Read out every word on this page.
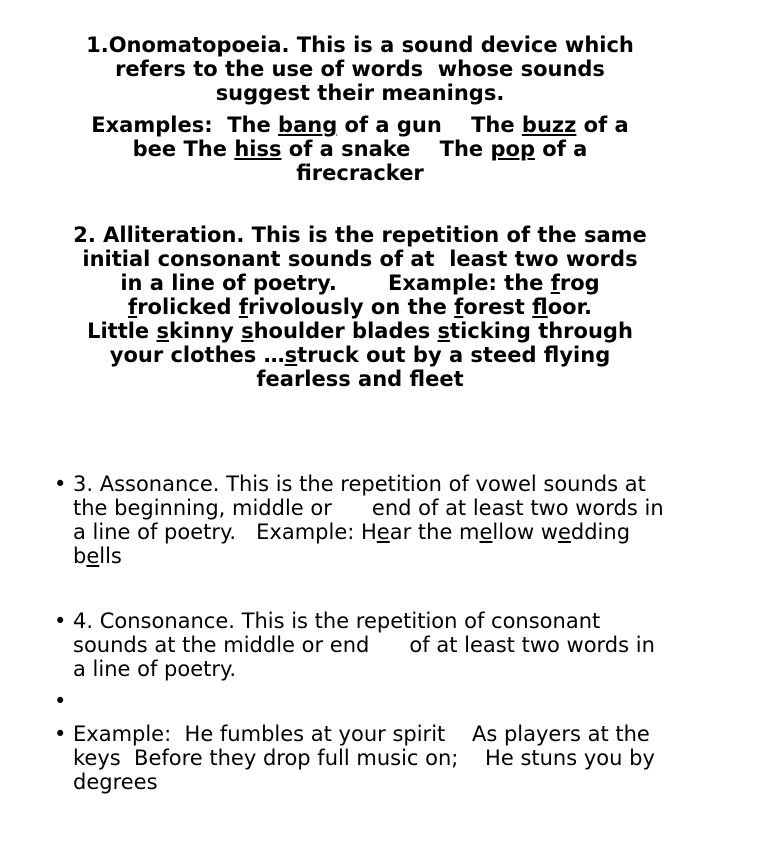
1.Onomatopoeia. This is a sound device which
refers to the use of words  whose sounds
suggest their meanings.
Examples:  The bang of a gun    The buzz of a
bee The hiss of a snake    The pop of a
firecracker
2. Alliteration. This is the repetition of the same
initial consonant sounds of at  least two words
in a line of poetry.       Example: the frog
frolicked frivolously on the forest floor.
Little skinny shoulder blades sticking through
your clothes …struck out by a steed flying
fearless and fleet
• 3. Assonance. This is the repetition of vowel sounds at
the beginning, middle or      end of at least two words in
a line of poetry.   Example: Hear the mellow wedding
bells
• 4. Consonance. This is the repetition of consonant
sounds at the middle or end      of at least two words in
a line of poetry.
•
• Example:  He fumbles at your spirit    As players at the
keys  Before they drop full music on;    He stuns you by
degrees
